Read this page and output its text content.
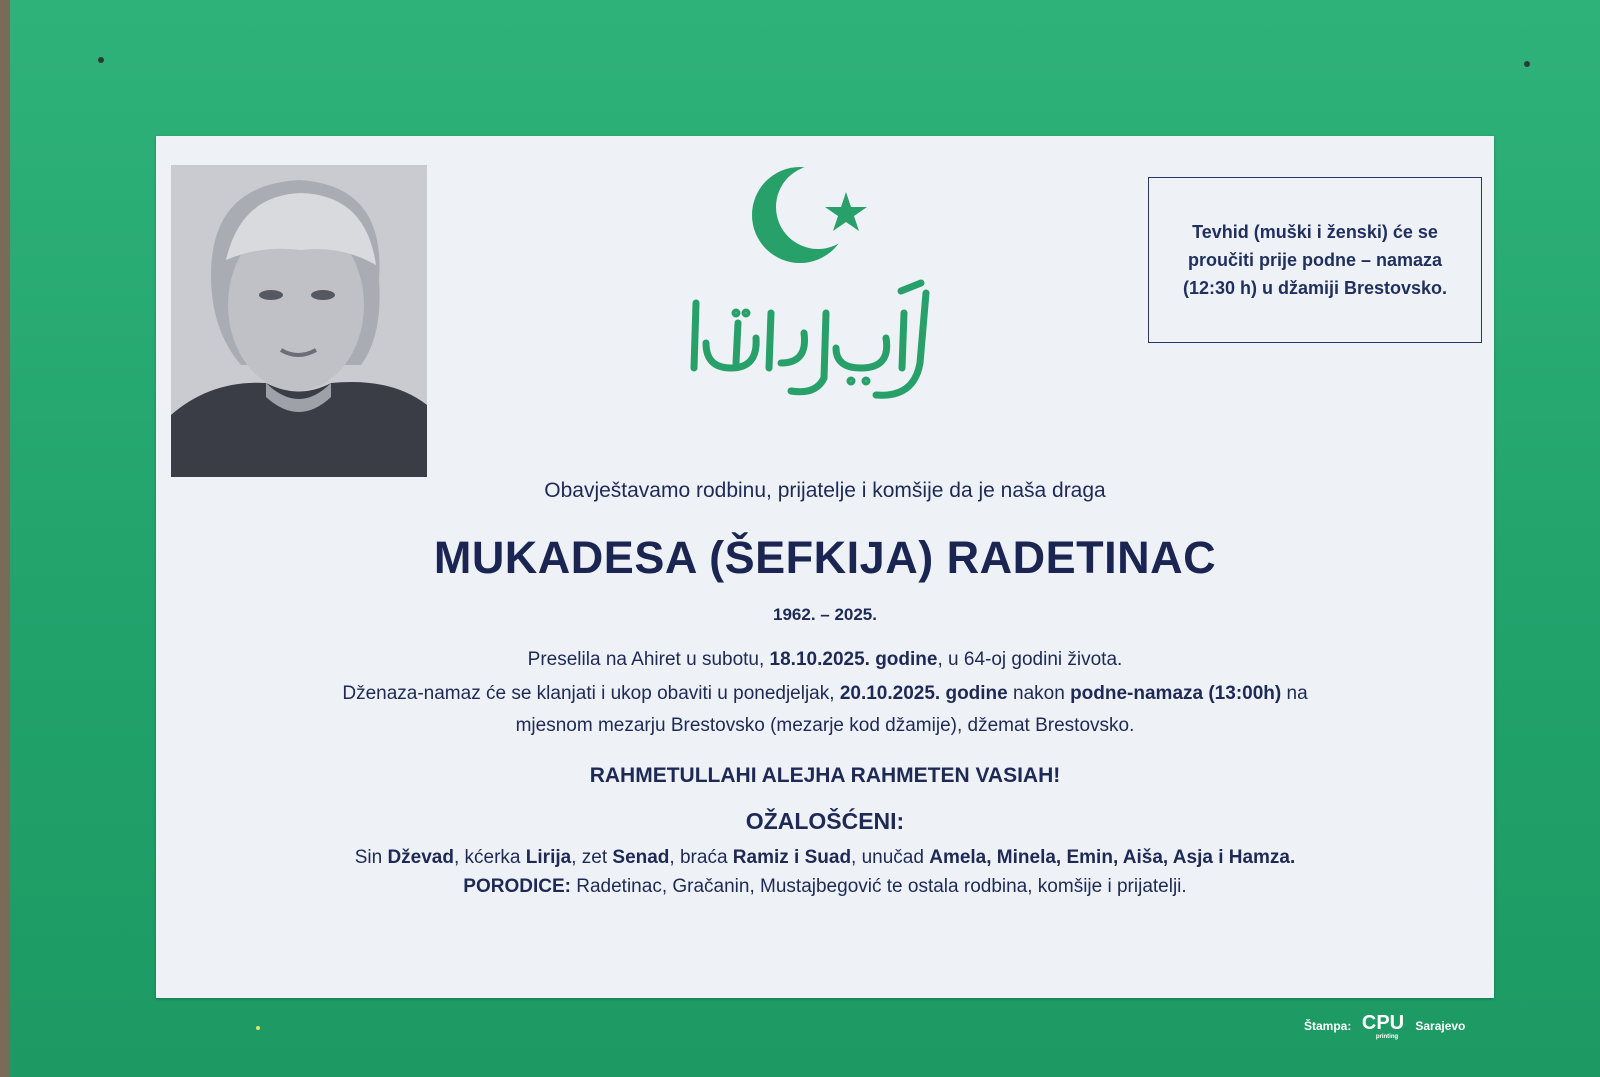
Tevhid (muški i ženski) će se proučiti prije podne – namaza (12:30 h) u džamiji Brestovsko.
Obavještavamo rodbinu, prijatelje i komšije da je naša draga
MUKADESA (ŠEFKIJA) RADETINAC
1962. – 2025.
Preselila na Ahiret u subotu, 18.10.2025. godine, u 64-oj godini života.
Dženaza-namaz će se klanjati i ukop obaviti u ponedjeljak, 20.10.2025. godine nakon podne-namaza (13:00h) na
mjesnom mezarju Brestovsko (mezarje kod džamije), džemat Brestovsko.
RAHMETULLAHI ALEJHA RAHMETEN VASIAH!
OŽALOŠĆENI:
Sin Dževad, kćerka Lirija, zet Senad, braća Ramiz i Suad, unučad Amela, Minela, Emin, Aiša, Asja i Hamza.
PORODICE: Radetinac, Gračanin, Mustajbegović te ostala rodbina, komšije i prijatelji.
Štampa: CPU
printing
Sarajevo
